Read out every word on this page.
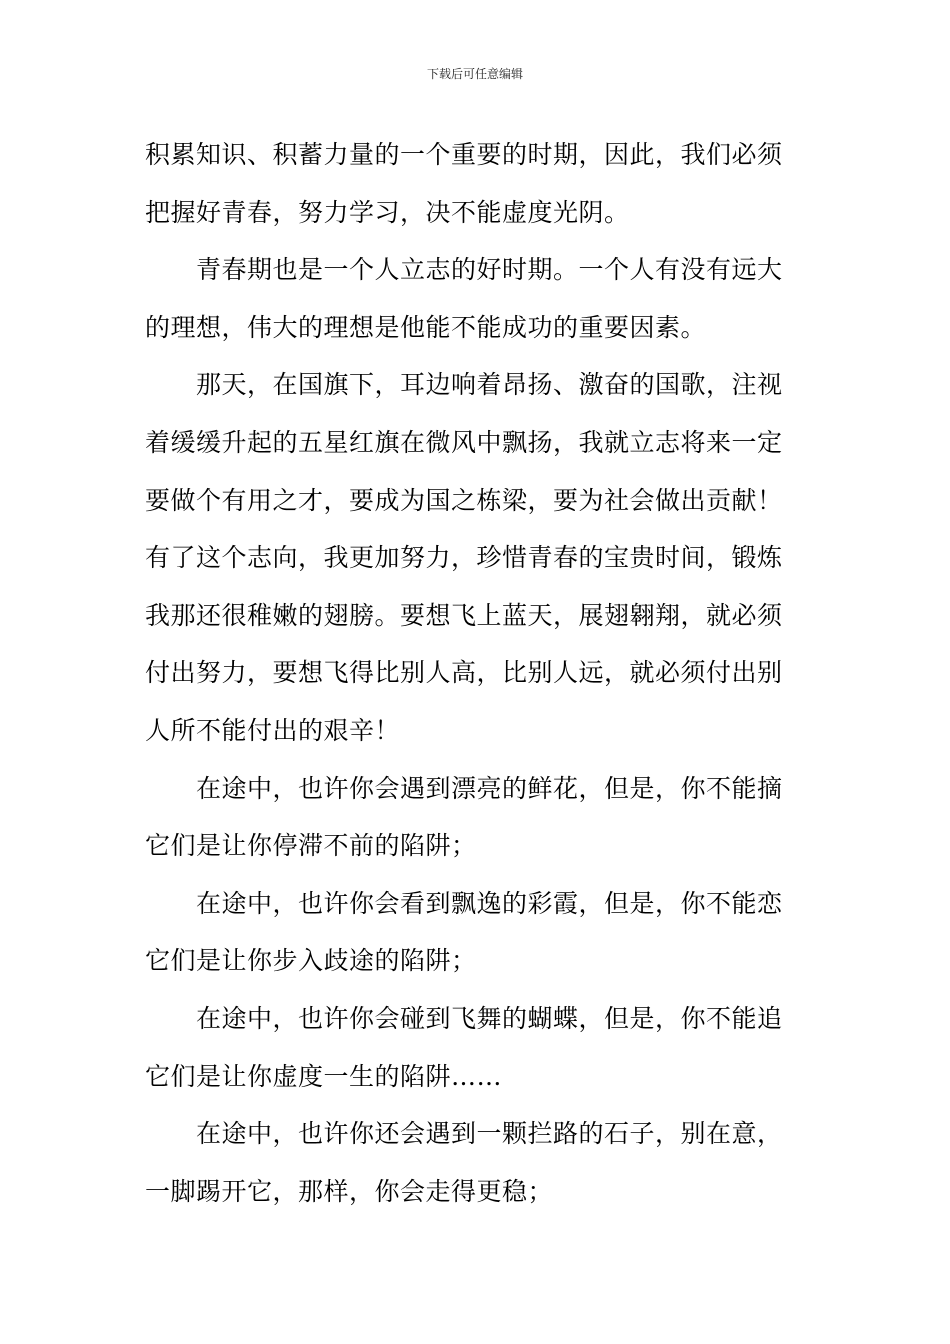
下载后可任意编辑
积累知识、积蓄力量的一个重要的时期，因此，我们必须
把握好青春，努力学习，决不能虚度光阴。
青春期也是一个人立志的好时期。一个人有没有远大
的理想，伟大的理想是他能不能成功的重要因素。
那天，在国旗下，耳边响着昂扬、激奋的国歌，注视
着缓缓升起的五星红旗在微风中飘扬，我就立志将来一定
要做个有用之才，要成为国之栋梁，要为社会做出贡献！
有了这个志向，我更加努力，珍惜青春的宝贵时间，锻炼
我那还很稚嫩的翅膀。要想飞上蓝天，展翅翱翔，就必须
付出努力，要想飞得比别人高，比别人远，就必须付出别
人所不能付出的艰辛！
在途中，也许你会遇到漂亮的鲜花，但是，你不能摘
它们是让你停滞不前的陷阱；
在途中，也许你会看到飘逸的彩霞，但是，你不能恋
它们是让你步入歧途的陷阱；
在途中，也许你会碰到飞舞的蝴蝶，但是，你不能追
它们是让你虚度一生的陷阱……
在途中，也许你还会遇到一颗拦路的石子，别在意，
一脚踢开它，那样，你会走得更稳；
